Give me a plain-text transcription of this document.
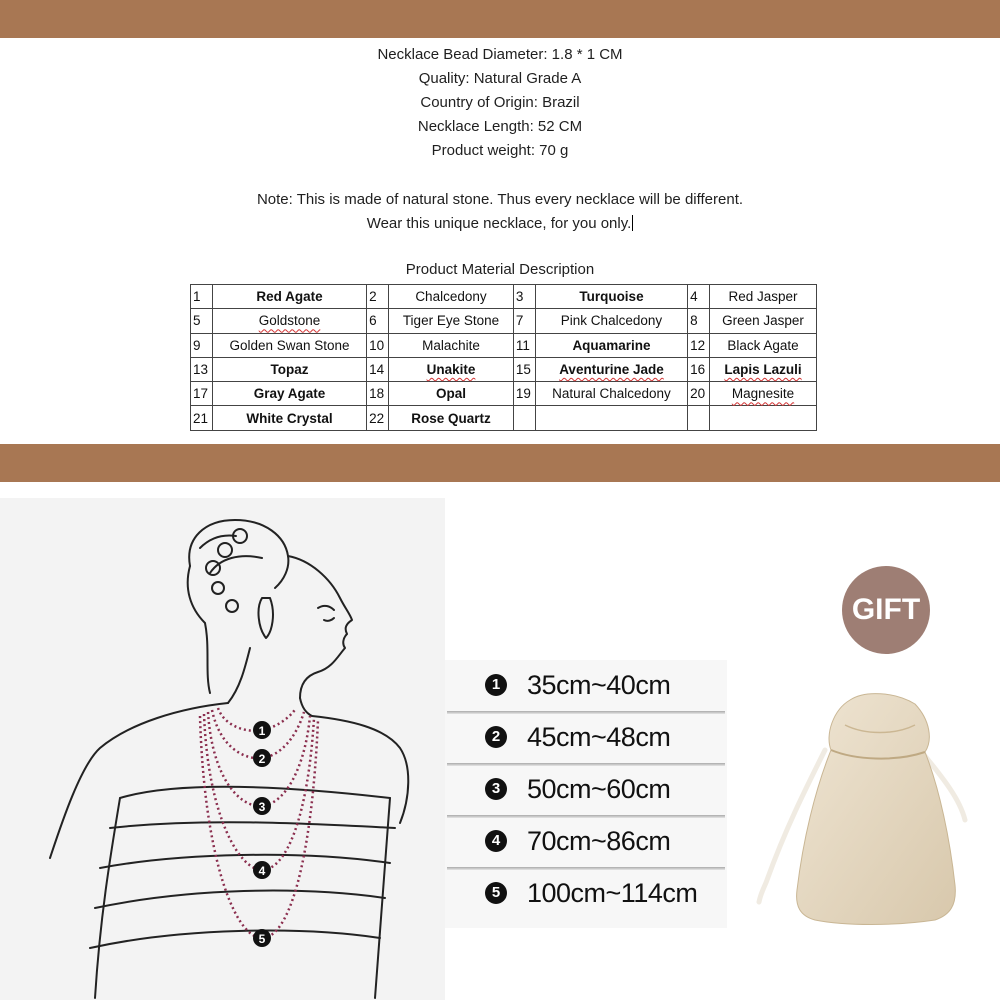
Necklace Bead Diameter: 1.8 * 1 CM
Quality: Natural Grade A
Country of Origin: Brazil
Necklace Length: 52 CM
Product weight: 70 g
Note: This is made of natural stone. Thus every necklace will be different.
Wear this unique necklace, for you only.
Product Material Description
1	Red Agate	2	Chalcedony	3	Turquoise	4	Red Jasper
5	Goldstone	6	Tiger Eye Stone	7	Pink Chalcedony	8	Green Jasper
9	Golden Swan Stone	10	Malachite	11	Aquamarine	12	Black Agate
13	Topaz	14	Unakite	15	Aventurine Jade	16	Lapis Lazuli
17	Gray Agate	18	Opal	19	Natural Chalcedony	20	Magnesite
21	White Crystal	22	Rose Quartz				
1
2
3
4
5
1 35cm~40cm
2 45cm~48cm
3 50cm~60cm
4 70cm~86cm
5 100cm~114cm
GIFT
